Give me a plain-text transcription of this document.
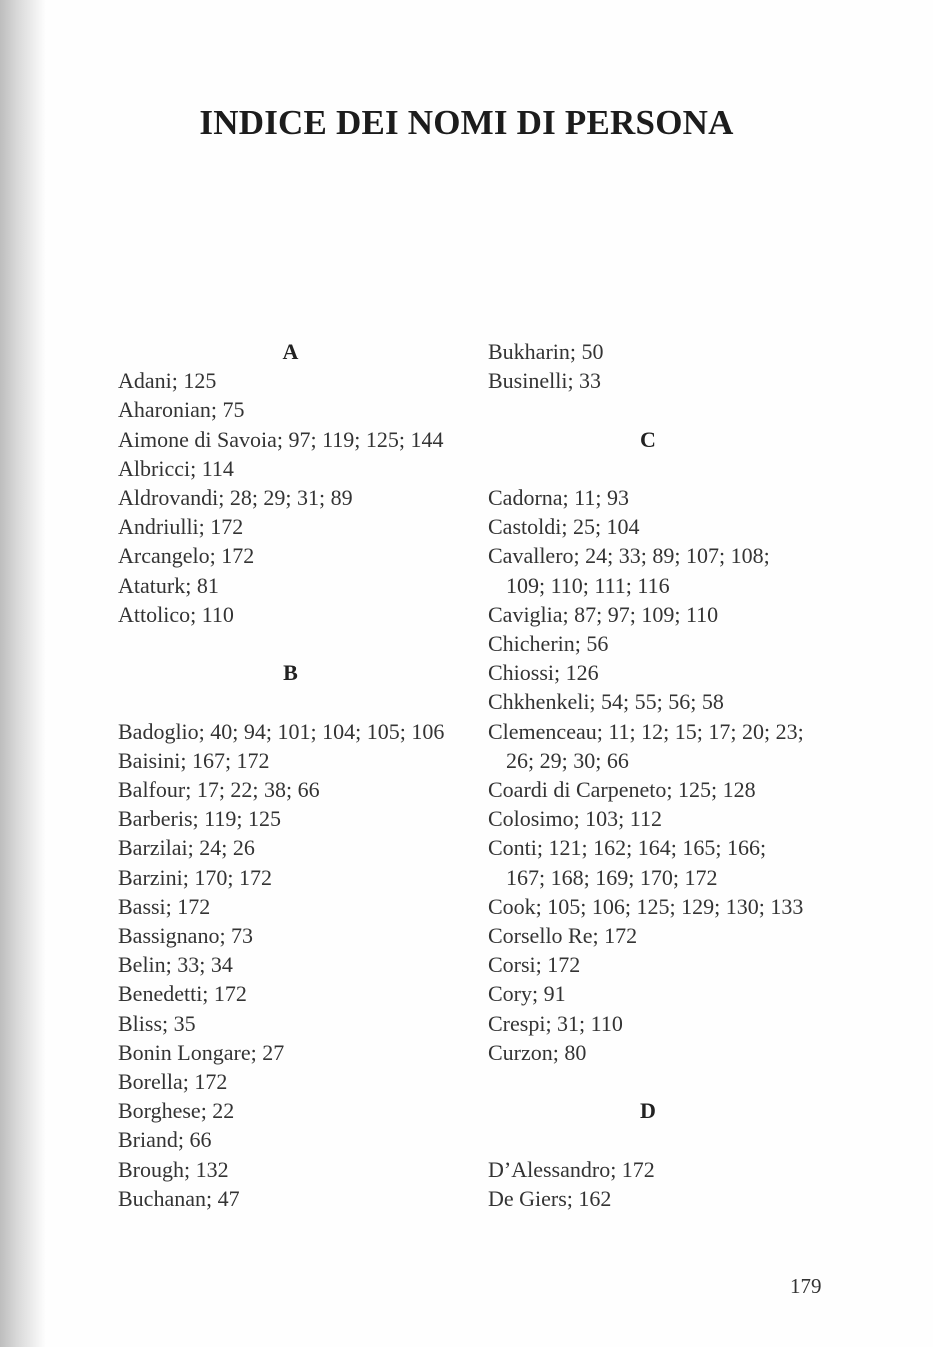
INDICE DEI NOMI DI PERSONA
A
Adani; 125
Aharonian; 75
Aimone di Savoia; 97; 119; 125; 144
Albricci; 114
Aldrovandi; 28; 29; 31; 89
Andriulli; 172
Arcangelo; 172
Ataturk; 81
Attolico; 110
B
Badoglio; 40; 94; 101; 104; 105; 106
Baisini; 167; 172
Balfour; 17; 22; 38; 66
Barberis; 119; 125
Barzilai; 24; 26
Barzini; 170; 172
Bassi; 172
Bassignano; 73
Belin; 33; 34
Benedetti; 172
Bliss; 35
Bonin Longare; 27
Borella; 172
Borghese; 22
Briand; 66
Brough; 132
Buchanan; 47
Bukharin; 50
Businelli; 33
C
Cadorna; 11; 93
Castoldi; 25; 104
Cavallero; 24; 33; 89; 107; 108; 109; 110; 111; 116
Caviglia; 87; 97; 109; 110
Chicherin; 56
Chiossi; 126
Chkhenkeli; 54; 55; 56; 58
Clemenceau; 11; 12; 15; 17; 20; 23; 26; 29; 30; 66
Coardi di Carpeneto; 125; 128
Colosimo; 103; 112
Conti; 121; 162; 164; 165; 166; 167; 168; 169; 170; 172
Cook; 105; 106; 125; 129; 130; 133
Corsello Re; 172
Corsi; 172
Cory; 91
Crespi; 31; 110
Curzon; 80
D
D’Alessandro; 172
De Giers; 162
179
